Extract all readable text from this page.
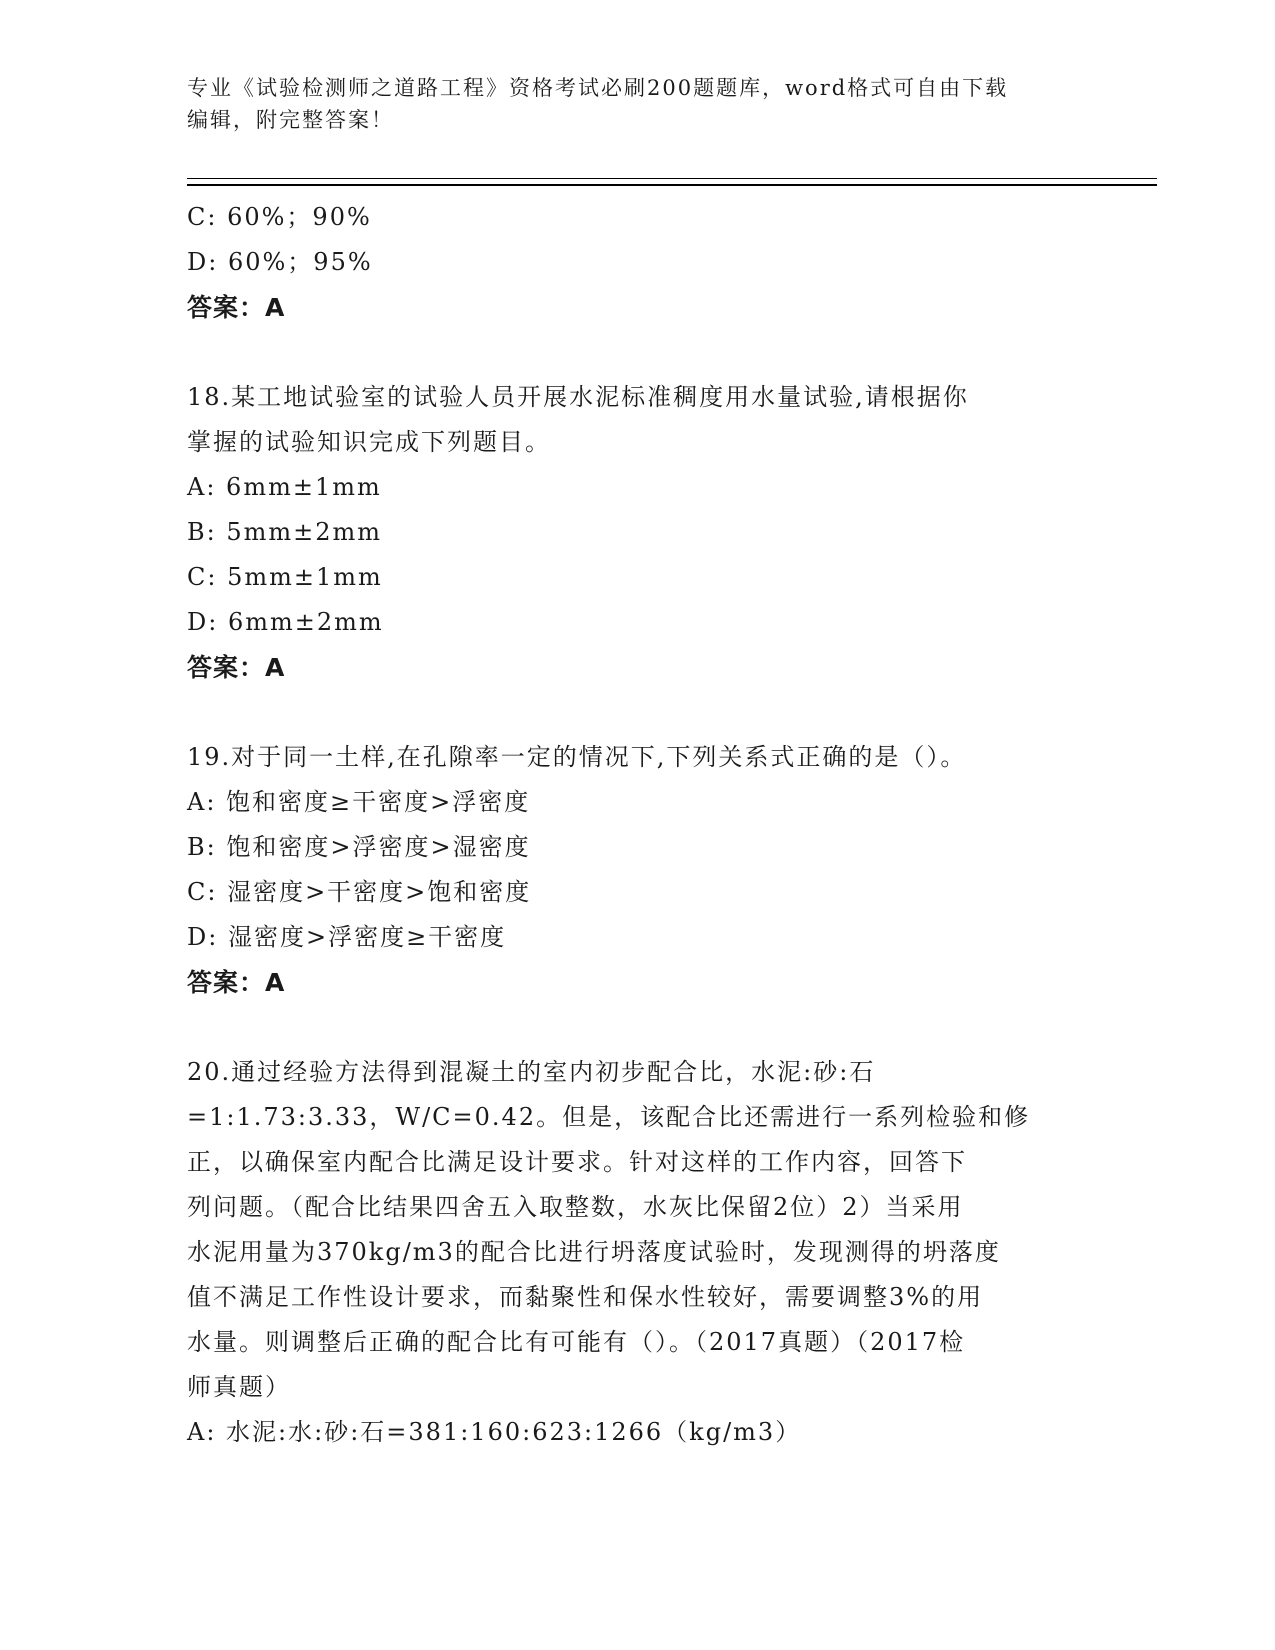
专业《试验检测师之道路工程》资格考试必刷200题题库，word格式可自由下载
编辑，附完整答案！
C: 60%；90%
D: 60%；95%
答案：A
18.某工地试验室的试验人员开展水泥标准稠度用水量试验,请根据你
掌握的试验知识完成下列题目。
A: 6mm±1mm
B: 5mm±2mm
C: 5mm±1mm
D: 6mm±2mm
答案：A
19.对于同一土样,在孔隙率一定的情况下,下列关系式正确的是（）。
A: 饱和密度≥干密度>浮密度
B: 饱和密度>浮密度>湿密度
C: 湿密度>干密度>饱和密度
D: 湿密度>浮密度≥干密度
答案：A
20.通过经验方法得到混凝土的室内初步配合比，水泥:砂:石
=1:1.73:3.33，W/C=0.42。但是，该配合比还需进行一系列检验和修
正，以确保室内配合比满足设计要求。针对这样的工作内容，回答下
列问题。（配合比结果四舍五入取整数，水灰比保留2位）2）当采用
水泥用量为370kg/m3的配合比进行坍落度试验时，发现测得的坍落度
值不满足工作性设计要求，而黏聚性和保水性较好，需要调整3%的用
水量。则调整后正确的配合比有可能有（）。（2017真题）（2017检
师真题）
A: 水泥:水:砂:石=381:160:623:1266（kg/m3）
